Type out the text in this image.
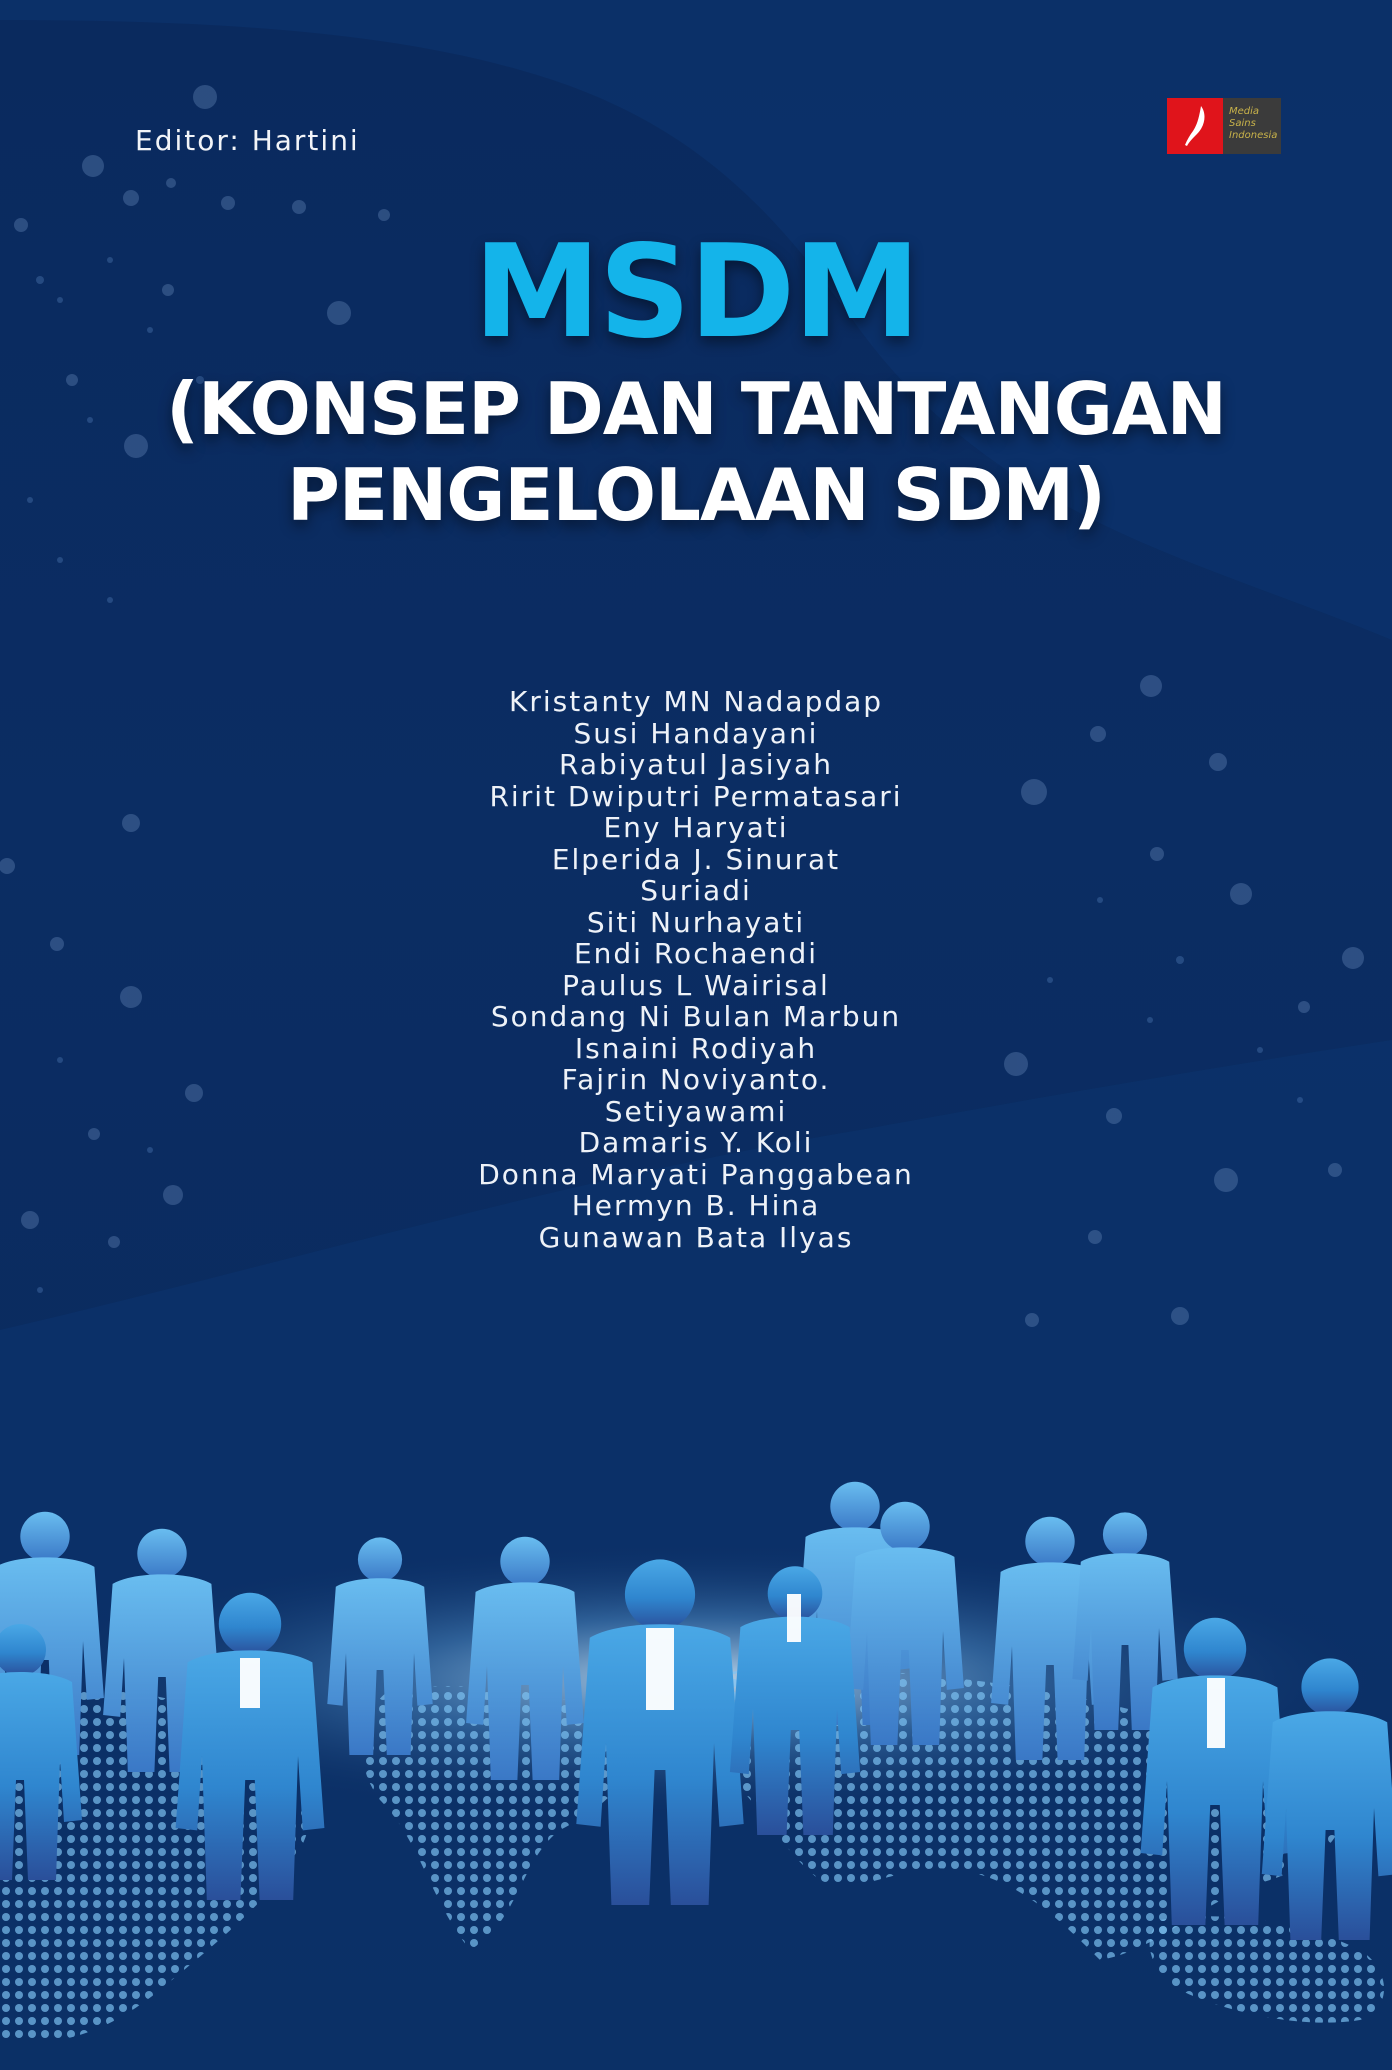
Editor: Hartini
Media
Sains
Indonesia
MSDM
(KONSEP DAN TANTANGAN
PENGELOLAAN SDM)
Kristanty MN Nadapdap
Susi Handayani
Rabiyatul Jasiyah
Ririt Dwiputri Permatasari
Eny Haryati
Elperida J. Sinurat
Suriadi
Siti Nurhayati
Endi Rochaendi
Paulus L Wairisal
Sondang Ni Bulan Marbun
Isnaini Rodiyah
Fajrin Noviyanto.
Setiyawami
Damaris Y. Koli
Donna Maryati Panggabean
Hermyn B. Hina
Gunawan Bata Ilyas
